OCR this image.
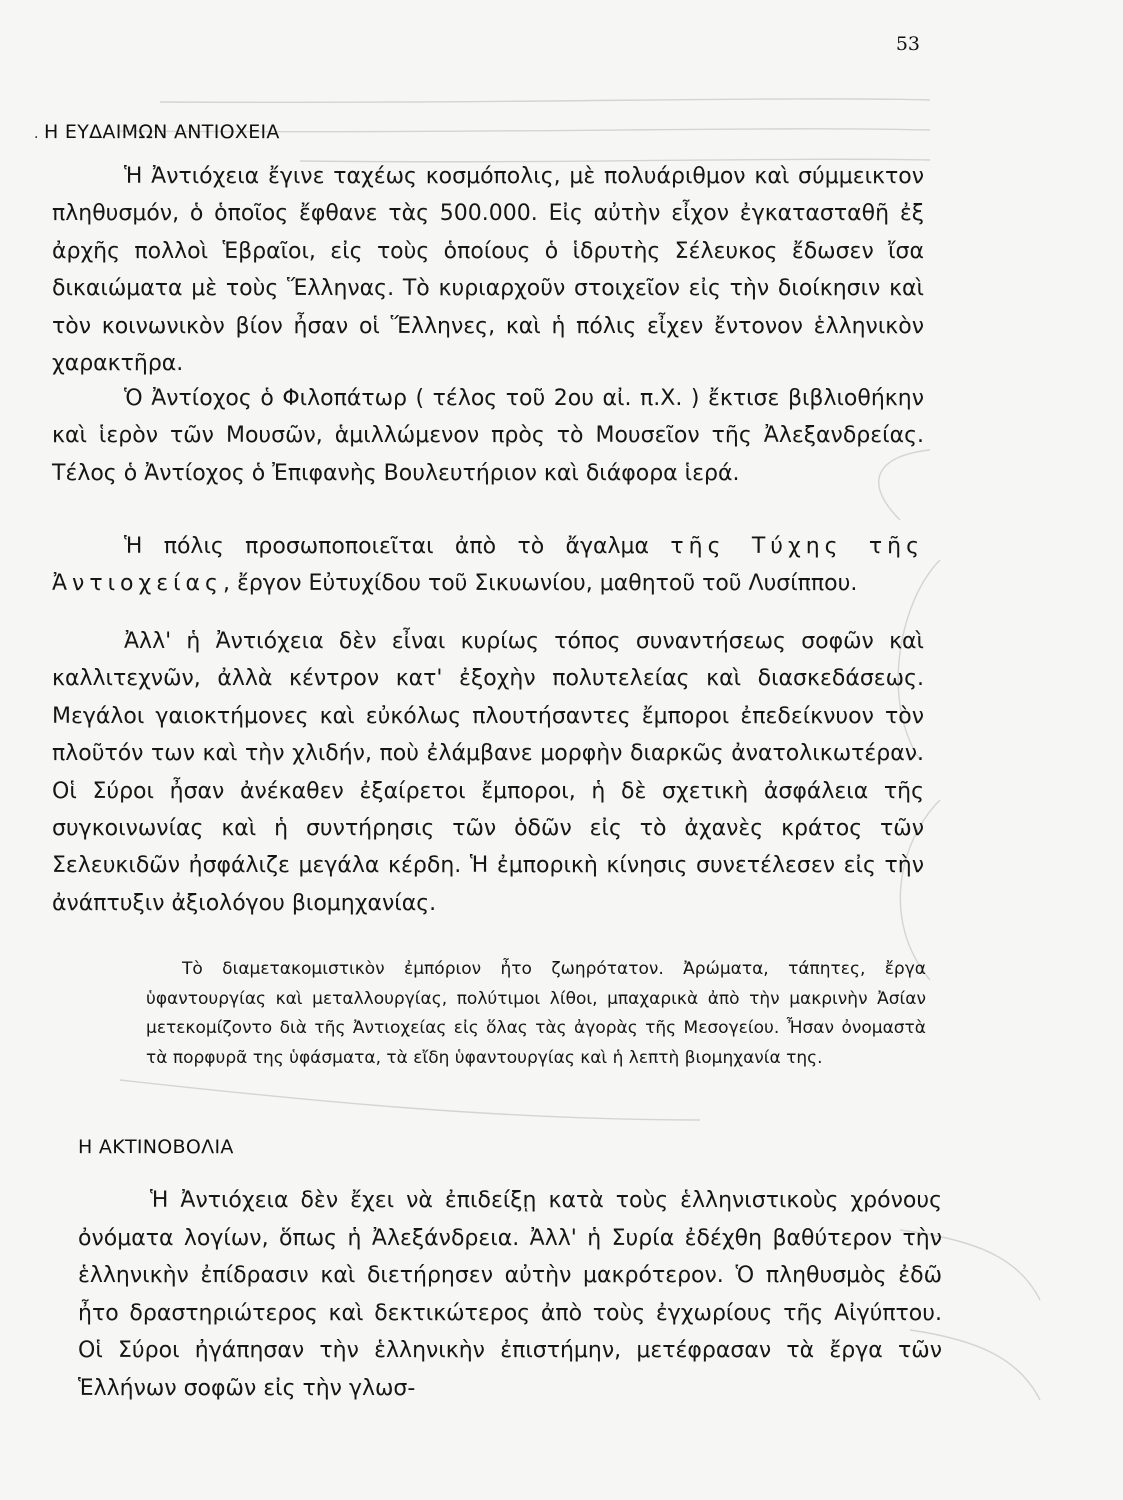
53
· Η ΕΥΔΑΙΜΩΝ ΑΝΤΙΟΧΕΙΑ

Ἡ Ἀντιόχεια ἔγινε ταχέως κοσμόπολις, μὲ πολυάριθμον καὶ σύμμεικτον πληθυσμόν, ὁ ὁποῖος ἔφθανε τὰς 500.000. Εἰς αὐτὴν εἶχον ἐγκατασταθῆ ἐξ ἀρχῆς πολλοὶ Ἑβραῖοι, εἰς τοὺς ὁποίους ὁ ἱδρυτὴς Σέλευκος ἔδωσεν ἴσα δικαιώματα μὲ τοὺς Ἕλληνας. Τὸ κυριαρχοῦν στοιχεῖον εἰς τὴν διοίκησιν καὶ τὸν κοινωνικὸν βίον ἦσαν οἱ Ἕλληνες, καὶ ἡ πόλις εἶχεν ἔντονον ἑλληνικὸν χαρακτῆρα.

Ὁ Ἀντίοχος ὁ Φιλοπάτωρ ( τέλος τοῦ 2ου αἰ. π.Χ. ) ἔκτισε βιβλιοθήκην καὶ ἱερὸν τῶν Μουσῶν, ἁμιλλώμενον πρὸς τὸ Μουσεῖον τῆς Ἀλεξανδρείας. Τέλος ὁ Ἀντίοχος ὁ Ἐπιφανὴς Βουλευτήριον καὶ διάφορα ἱερά.

Ἡ πόλις προσωποποιεῖται ἀπὸ τὸ ἄγαλμα τῆς Τύχης τῆς Ἀντιοχείας, ἔργον Εὐτυχίδου τοῦ Σικυωνίου, μαθητοῦ τοῦ Λυσίππου.

Ἀλλ' ἡ Ἀντιόχεια δὲν εἶναι κυρίως τόπος συναντήσεως σοφῶν καὶ καλλιτεχνῶν, ἀλλὰ κέντρον κατ' ἐξοχὴν πολυτελείας καὶ διασκεδάσεως. Μεγάλοι γαιοκτήμονες καὶ εὐκόλως πλουτήσαντες ἔμποροι ἐπεδείκνυον τὸν πλοῦτόν των καὶ τὴν χλιδήν, ποὺ ἐλάμβανε μορφὴν διαρκῶς ἀνατολικωτέραν. Οἱ Σύροι ἦσαν ἀνέκαθεν ἐξαίρετοι ἔμποροι, ἡ δὲ σχετικὴ ἀσφάλεια τῆς συγκοινωνίας καὶ ἡ συντήρησις τῶν ὁδῶν εἰς τὸ ἀχανὲς κράτος τῶν Σελευκιδῶν ἠσφάλιζε μεγάλα κέρδη. Ἡ ἐμπορικὴ κίνησις συνετέλεσεν εἰς τὴν ἀνάπτυξιν ἀξιολόγου βιομηχανίας.

Τὸ διαμετακομιστικὸν ἐμπόριον ἦτο ζωηρότατον. Ἀρώματα, τάπητες, ἔργα ὑφαντουργίας καὶ μεταλλουργίας, πολύτιμοι λίθοι, μπαχαρικὰ ἀπὸ τὴν μακρινὴν Ἀσίαν μετεκομίζοντο διὰ τῆς Ἀντιοχείας εἰς ὅλας τὰς ἀγορὰς τῆς Μεσογείου. Ἦσαν ὀνομαστὰ τὰ πορφυρᾶ της ὑφάσματα, τὰ εἴδη ὑφαντουργίας καὶ ἡ λεπτὴ βιομηχανία της.

Η ΑΚΤΙΝΟΒΟΛΙΑ

Ἡ Ἀντιόχεια δὲν ἔχει νὰ ἐπιδείξῃ κατὰ τοὺς ἑλληνιστικοὺς χρόνους ὀνόματα λογίων, ὅπως ἡ Ἀλεξάνδρεια. Ἀλλ' ἡ Συρία ἐδέχθη βαθύτερον τὴν ἑλληνικὴν ἐπίδρασιν καὶ διετήρησεν αὐτὴν μακρότερον. Ὁ πληθυσμὸς ἐδῶ ἦτο δραστηριώτερος καὶ δεκτικώτερος ἀπὸ τοὺς ἐγχωρίους τῆς Αἰγύπτου. Οἱ Σύροι ἠγάπησαν τὴν ἑλληνικὴν ἐπιστήμην, μετέφρασαν τὰ ἔργα τῶν Ἑλλήνων σοφῶν εἰς τὴν γλωσ-
